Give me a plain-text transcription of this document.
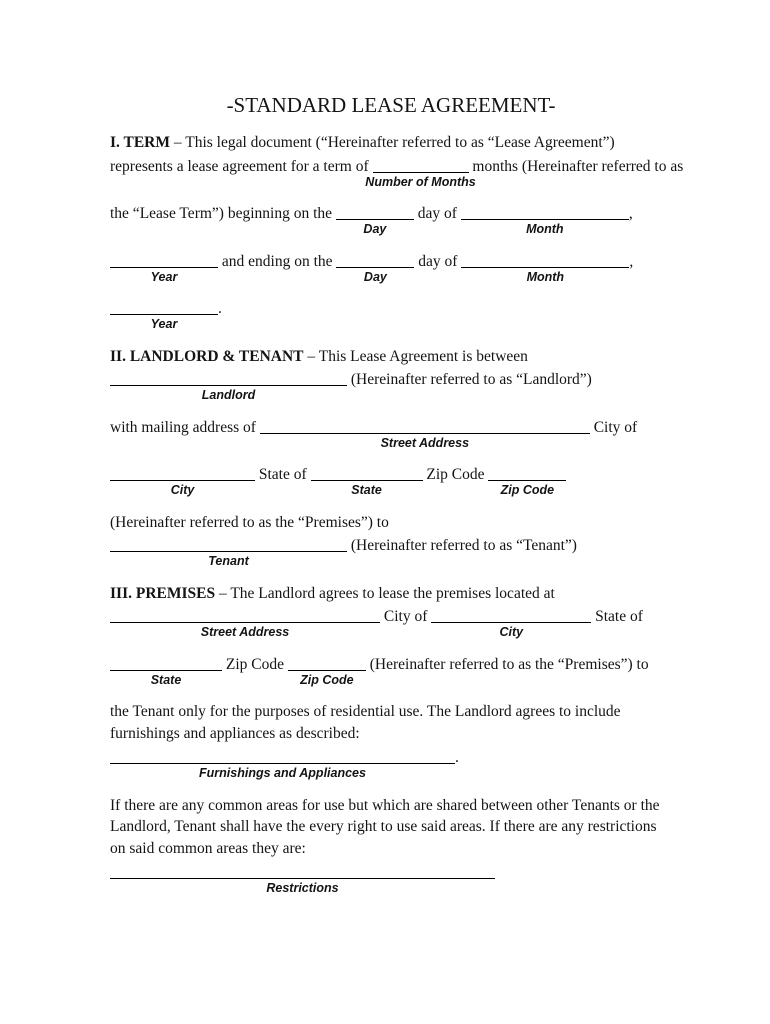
-STANDARD LEASE AGREEMENT-
I. TERM – This legal document (“Hereinafter referred to as “Lease Agreement”)
represents a lease agreement for a term of
Number of Months
months (Hereinafter referred to as
the “Lease Term”) beginning on the
Day
day of
Month
,
Year
and ending on the
Day
day of
Month
,
Year
.
II. LANDLORD & TENANT – This Lease Agreement is between
Landlord
(Hereinafter referred to as “Landlord”)
with mailing address of
Street Address
City of
City
State of
State
Zip Code
Zip Code
(Hereinafter referred to as the “Premises”) to
Tenant
(Hereinafter referred to as “Tenant”)
III. PREMISES – The Landlord agrees to lease the premises located at
Street Address
City of
City
State of
State
Zip Code
Zip Code
(Hereinafter referred to as the “Premises”) to
the Tenant only for the purposes of residential use. The Landlord agrees to include furnishings and appliances as described:
Furnishings and Appliances
.
If there are any common areas for use but which are shared between other Tenants or the Landlord, Tenant shall have the every right to use said areas. If there are any restrictions on said common areas they are:
Restrictions
